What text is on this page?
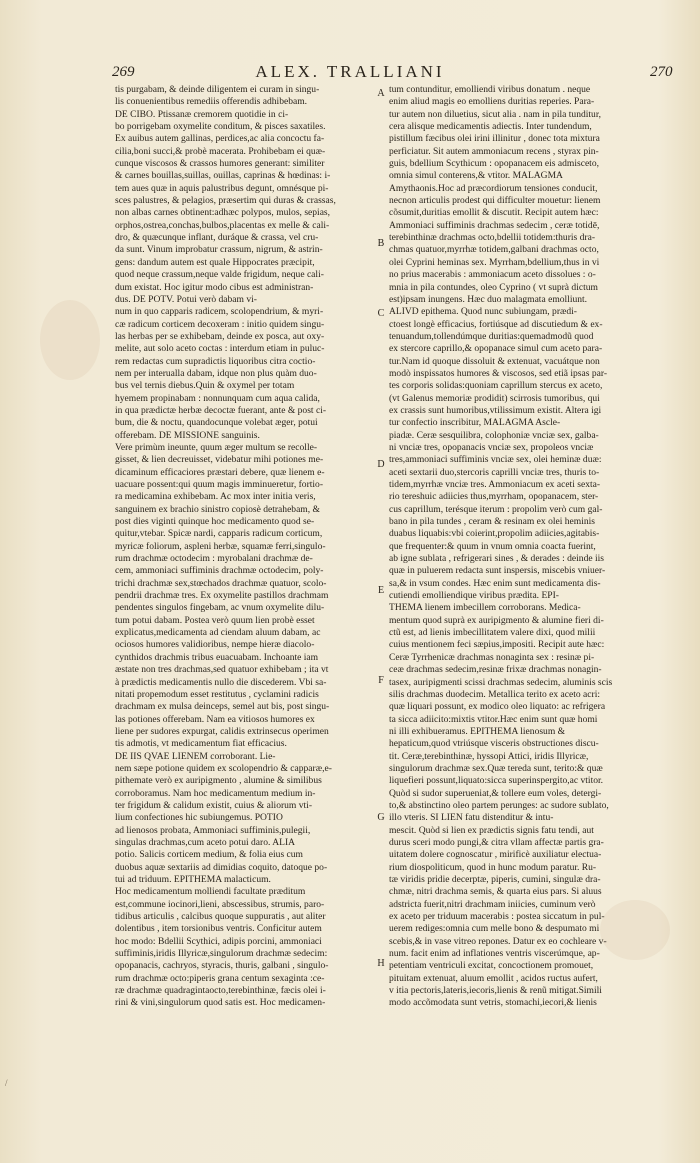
269	ALEX. TRALLIANI	270
tis purgabam, & deinde diligentem ei curam in singu-
lis conuenientibus remediis offerendis adhibebam.
DE CIBO. Ptissanæ cremorem quotidie in ci-
bo porrigebam oxymelite conditum, & pisces saxatiles.
Ex auibus autem gallinas, perdices,ac alia concoctu fa-
cilia,boni succi,& probè macerata. Prohibebam ei quæ-
cunque viscosos & crassos humores generant: similiter
& carnes bouillas,suillas, ouillas, caprinas & hœdinas: i-
tem aues quæ in aquis palustribus degunt, omnésque pi-
sces palustres, & pelagios, præsertim qui duras & crassas,
non albas carnes obtinent:adhæc polypos, mulos, sepias,
orphos,ostrea,conchas,bulbos,placentas ex melle & cali-
dro, & quæcunque inflant, duráque & crassa, vel cru-
da sunt. Vinum improbatur crassum, nigrum, & astrin-
gens: dandum autem est quale Hippocrates præcipit,
quod neque crassum,neque valde frigidum, neque cali-
dum existat. Hoc igitur modo cibus est administran-
dus. DE POTV. Potui verò dabam vi-
num in quo capparis radicem, scolopendrium, & myri-
cæ radicum corticem decoxeram : initio quidem singu-
las herbas per se exhibebam, deinde ex posca, aut oxy-
melite, aut solo aceto coctas : interdum etiam in puluc-
rem redactas cum supradictis liquoribus citra coctio-
nem per interualla dabam, idque non plus quàm duo-
bus vel ternis diebus.Quin & oxymel per totam
hyemem propinabam : nonnunquam cum aqua calida,
in qua prædictæ herbæ decoctæ fuerant, ante & post ci-
bum, die & noctu, quandocunque volebat æger, potui
offerebam. DE MISSIONE sanguinis.
Vere primùm ineunte, quum æger multum se recolle-
gisset, & lien decreuisset, videbatur mihi potiones me-
dicaminum efficaciores præstari debere, quæ lienem e-
uacuare possent:qui quum magis imminueretur, fortio-
ra medicamina exhibebam. Ac mox inter initia veris,
sanguinem ex brachio sinistro copiosè detrahebam, &
post dies viginti quinque hoc medicamento quod se-
quitur,vtebar. Spicæ nardi, capparis radicum corticum,
myricæ foliorum, aspleni herbæ, squamæ ferri,singulo-
rum drachmæ octodecim : myrobalani drachmæ de-
cem, ammoniaci suffiminis drachmæ octodecim, poly-
trichi drachmæ sex,stœchados drachmæ quatuor, scolo-
pendrii drachmæ tres. Ex oxymelite pastillos drachmam
pendentes singulos fingebam, ac vnum oxymelite dilu-
tum potui dabam. Postea verò quum lien probè esset
explicatus,medicamenta ad ciendam aluum dabam, ac
ociosos humores validioribus, nempe hieræ diacolo-
cynthidos drachmis tribus euacuabam. Inchoante iam
æstate non tres drachmas,sed quatuor exhibebam ; ita vt
à prædictis medicamentis nullo die discederem. Vbi sa-
nitati propemodum esset restitutus , cyclamini radicis
drachmam ex mulsa deinceps, semel aut bis, post singu-
las potiones offerebam. Nam ea vitiosos humores ex
liene per sudores expurgat, calidis extrinsecus operimen
tis admotis, vt medicamentum fiat efficacius.
DE IIS QVAE LIENEM corroborant. Lie-
nem sæpe potione quidem ex scolopendrio & capparæ,e-
pithemate verò ex auripigmento , alumine & similibus
corroboramus. Nam hoc medicamentum medium in-
ter frigidum & calidum existit, cuius & aliorum vti-
lium confectiones hic subiungemus. POTIO
ad lienosos probata, Ammoniaci suffiminis,pulegii,
singulas drachmas,cum aceto potui daro. ALIA
potio. Salicis corticem medium, & folia eius cum
duobus aquæ sextariis ad dimidias coquito, datoque po-
tui ad triduum. EPITHEMA malacticum.
Hoc medicamentum molliendi facultate præditum
est,commune iocinori,lieni, abscessibus, strumis, paro-
tidibus articulis , calcibus quoque suppuratis , aut aliter
dolentibus , item torsionibus ventris. Conficitur autem
hoc modo: Bdellii Scythici, adipis porcini, ammoniaci
suffiminis,iridis Illyricæ,singulorum drachmæ sedecim:
opopanacis, cachryos, styracis, thuris, galbani , singulo-
rum drachmæ octo:piperis grana centum sexaginta :ce-
ræ drachmæ quadragintaocto,terebinthinæ, fæcis olei i-
rini & vini,singulorum quod satis est. Hoc medicamen-
A
B
C
D
E
F
G
H
tum contunditur, emolliendi viribus donatum . neque
enim aliud magis eo emolliens duritias reperies. Para-
tur autem non diluetius, sicut alia . nam in pila tunditur,
cera alisque medicamentis adiectis. Inter tundendum,
pistillum fæcibus olei irini illinitur , donec tota mixtura
perficiatur. Sit autem ammoniacum recens , styrax pin-
guis, bdellium Scythicum : opopanacem eis admisceto,
omnia simul conterens,& vtitor. MALAGMA
Amythaonis.Hoc ad præcordiorum tensiones conducit,
necnon articulis prodest qui difficulter mouetur: lienem
cõsumit,duritias emollit & discutit. Recipit autem hæc:
Ammoniaci suffiminis drachmas sedecim , ceræ totidē,
terebinthinæ drachmas octo,bdellii totidem:thuris dra-
chmas quatuor,myrrhæ totidem,galbani drachmas octo,
olei Cyprini heminas sex. Myrrham,bdellium,thus in vi
no prius macerabis : ammoniacum aceto dissolues : o-
mnia in pila contundes, oleo Cyprino ( vt suprà dictum
est)ipsam inungens. Hæc duo malagmata emolliunt.
ALIVD epithema. Quod nunc subiungam, prædi-
ctoest longè efficacius, fortiúsque ad discutiedum & ex-
tenuandum,tollendúmque duritias:quemadmodũ quod
ex stercore caprillo,& opopanace simul cum aceto para-
tur.Nam id quoque dissoluit & extenuat, vacuátque non
modò inspissatos humores & viscosos, sed etiã ipsas par-
tes corporis solidas:quoniam caprillum stercus ex aceto,
(vt Galenus memoriæ prodidit) scirrosis tumoribus, qui
ex crassis sunt humoribus,vtilissimum existit. Altera igi
tur confectio inscribitur, MALAGMA Ascle-
piadæ. Ceræ sesquilibra, colophoniæ vnciæ sex, galba-
ni vnciæ tres, opopanacis vnciæ sex, propoleos vnciæ
tres,ammoniaci suffiminis vnciæ sex, olei heminæ duæ:
aceti sextarii duo,stercoris caprilli vnciæ tres, thuris to-
tidem,myrrhæ vnciæ tres. Ammoniacum ex aceti sexta-
rio tereshuic adiicies thus,myrrham, opopanacem, ster-
cus caprillum, terésque iterum : propolim verò cum gal-
bano in pila tundes , ceram & resinam ex olei heminis
duabus liquabis:vbi coierint,propolim adiicies,agitabis-
que frequenter:& quum in vnum omnia coacta fuerint,
ab igne sublata , refrigerari sines , & derades : deinde iis
quæ in puluerem redacta sunt inspersis, miscebis vniuer-
sa,& in vsum condes. Hæc enim sunt medicamenta dis-
cutiendi emolliendique viribus prædita. EPI-
THEMA lienem imbecillem corroborans. Medica-
mentum quod suprà ex auripigmento & alumine fieri di-
ctũ est, ad lienis imbecillitatem valere dixi, quod milii
cuius mentionem feci sæpius,impositi. Recipit aute hæc:
Ceræ Tyrrhenicæ drachmas nonaginta sex : resinæ pi-
ceæ drachmas sedecim,resinæ frixæ drachmas nonagin-
tasex, auripigmenti scissi drachmas sedecim, aluminis scis
silis drachmas duodecim. Metallica terito ex aceto acri:
quæ liquari possunt, ex modico oleo liquato: ac refrigera
ta sicca adiicito:mixtis vtitor.Hæc enim sunt quæ homi
ni illi exhibueramus. EPITHEMA lienosum &
hepaticum,quod vtriúsque visceris obstructiones discu-
tit. Ceræ,terebinthinæ, hyssopi Attici, iridis Illyricæ,
singulorum drachmæ sex.Quæ tereda sunt, terito:& quæ
liquefieri possunt,liquato:sicca superinspergito,ac vtitor.
Quòd si sudor superueniat,& tollere eum voles, detergi-
to,& abstinctino oleo partem perunges: ac sudore sublato,
illo vteris. SI LIEN fatu distenditur & intu-
mescit. Quòd si lien ex prædictis signis fatu tendi, aut
durus sceri modo pungi,& citra vllam affectæ partis gra-
uitatem dolere cognoscatur , mirificè auxiliatur electua-
rium diospoliticum, quod in hunc modum paratur. Ru-
tæ viridis pridie decerptæ, piperis, cumini, singulæ dra-
chmæ, nitri drachma semis, & quarta eius pars. Si aluus
adstricta fuerit,nitri drachmam iniicies, cuminum verò
ex aceto per triduum macerabis : postea siccatum in pul-
uerem rediges:omnia cum melle bono & despumato mi
scebis,& in vase vitreo repones. Datur ex eo cochleare v-
num. facit enim ad inflationes ventris viscerúmque, ap-
petentiam ventriculi excitat, concoctionem promouet,
pituitam extenuat, aluum emollit , acidos ructus aufert,
v itia pectoris,lateris,iecoris,lienis & renũ mitigat.Simili
modo accõmodata sunt vetris, stomachi,iecori,& lienis
/
